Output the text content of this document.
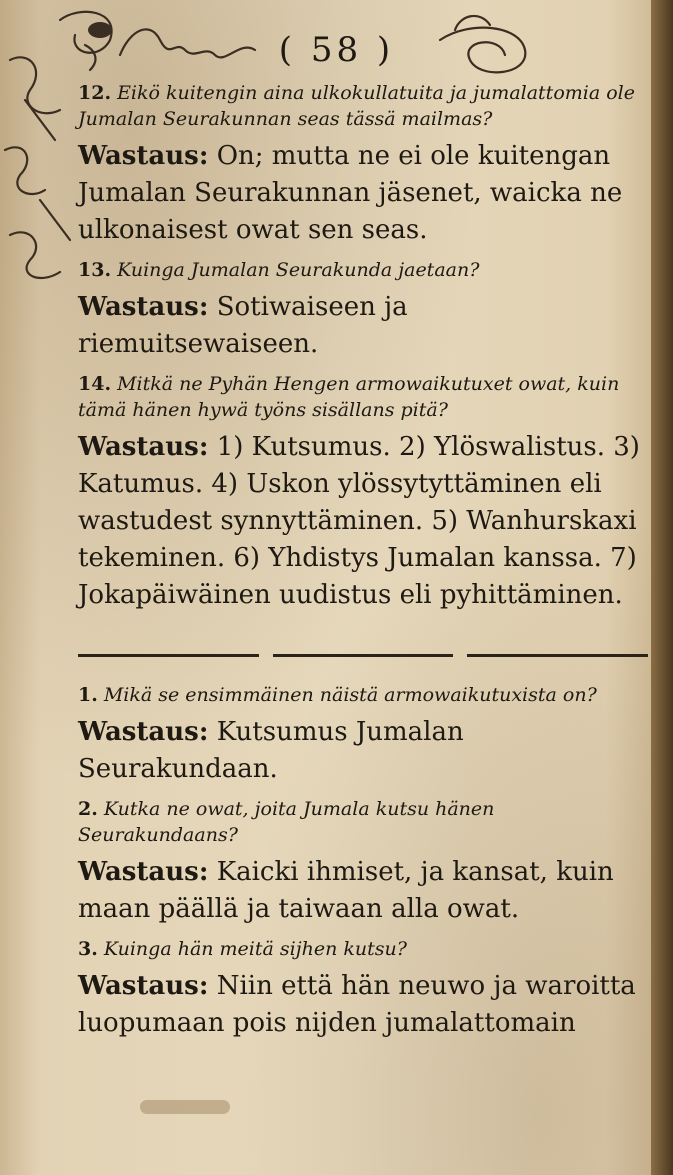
( 58 )

12. Eikö kuitengin aina ulkokullatuita ja jumalattomia ole Jumalan Seurakunnan seas tässä mailmas?

Wastaus: On; mutta ne ei ole kuitengan Jumalan Seurakunnan jäsenet, waicka ne ulkonaisest owat sen seas.

13. Kuinga Jumalan Seurakunda jaetaan?

Wastaus: Sotiwaiseen ja riemuitsewaiseen.

14. Mitkä ne Pyhän Hengen armowaikutuxet owat, kuin tämä hänen hywä työns sisällans pitä?

Wastaus: 1) Kutsumus. 2) Ylöswalistus. 3) Katumus. 4) Uskon ylössytyttäminen eli wastudest synnyttäminen. 5) Wanhurskaxi tekeminen. 6) Yhdistys Jumalan kanssa. 7) Jokapäiwäinen uudistus eli pyhittäminen.

1. Mikä se ensimmäinen näistä armowaikutuxista on?

Wastaus: Kutsumus Jumalan Seurakundaan.

2. Kutka ne owat, joita Jumala kutsu hänen Seurakundaans?

Wastaus: Kaicki ihmiset, ja kansat, kuin maan päällä ja taiwaan alla owat.

3. Kuinga hän meitä sijhen kutsu?

Wastaus: Niin että hän neuwo ja waroitta luopumaan pois nijden jumalattomain
